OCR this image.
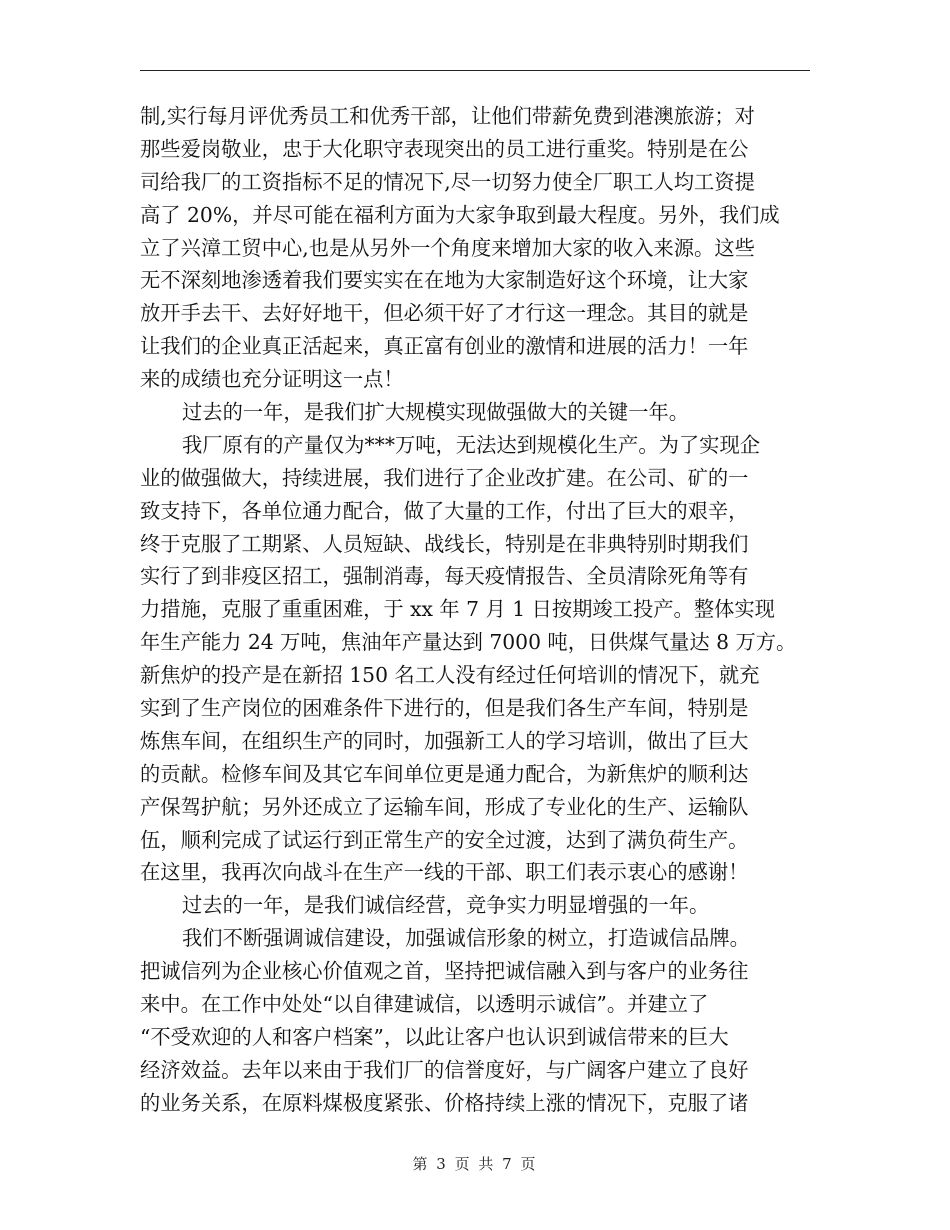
制,实行每月评优秀员工和优秀干部，让他们带薪免费到港澳旅游；对
那些爱岗敬业，忠于大化职守表现突出的员工进行重奖。特别是在公
司给我厂的工资指标不足的情况下,尽一切努力使全厂职工人均工资提
高了 20%，并尽可能在福利方面为大家争取到最大程度。另外，我们成
立了兴漳工贸中心,也是从另外一个角度来增加大家的收入来源。这些
无不深刻地渗透着我们要实实在在地为大家制造好这个环境，让大家
放开手去干、去好好地干，但必须干好了才行这一理念。其目的就是
让我们的企业真正活起来，真正富有创业的激情和进展的活力！一年
来的成绩也充分证明这一点！
过去的一年，是我们扩大规模实现做强做大的关键一年。
我厂原有的产量仅为***万吨，无法达到规模化生产。为了实现企
业的做强做大，持续进展，我们进行了企业改扩建。在公司、矿的一
致支持下，各单位通力配合，做了大量的工作，付出了巨大的艰辛，
终于克服了工期紧、人员短缺、战线长，特别是在非典特别时期我们
实行了到非疫区招工，强制消毒，每天疫情报告、全员清除死角等有
力措施，克服了重重困难，于 xx 年 7 月 1 日按期竣工投产。整体实现
年生产能力 24 万吨，焦油年产量达到 7000 吨，日供煤气量达 8 万方。
新焦炉的投产是在新招 150 名工人没有经过任何培训的情况下，就充
实到了生产岗位的困难条件下进行的，但是我们各生产车间，特别是
炼焦车间，在组织生产的同时，加强新工人的学习培训，做出了巨大
的贡献。检修车间及其它车间单位更是通力配合，为新焦炉的顺利达
产保驾护航；另外还成立了运输车间，形成了专业化的生产、运输队
伍，顺利完成了试运行到正常生产的安全过渡，达到了满负荷生产。
在这里，我再次向战斗在生产一线的干部、职工们表示衷心的感谢！
过去的一年，是我们诚信经营，竞争实力明显增强的一年。
我们不断强调诚信建设，加强诚信形象的树立，打造诚信品牌。
把诚信列为企业核心价值观之首，坚持把诚信融入到与客户的业务往
来中。在工作中处处“以自律建诚信，以透明示诚信”。并建立了
“不受欢迎的人和客户档案”，以此让客户也认识到诚信带来的巨大
经济效益。去年以来由于我们厂的信誉度好，与广阔客户建立了良好
的业务关系，在原料煤极度紧张、价格持续上涨的情况下，克服了诸
第 3 页 共 7 页
